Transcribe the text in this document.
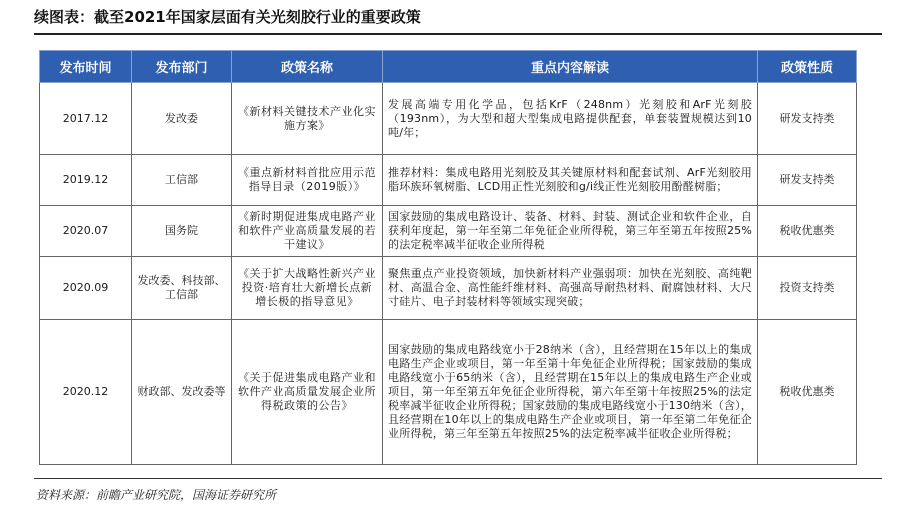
续图表：截至2021年国家层面有关光刻胶行业的重要政策
发布时间	发布部门	政策名称	重点内容解读	政策性质
2017.12	发改委	《新材料关键技术产业化实施方案》	发展高端专用化学品，包括KrF（248nm）光刻胶和ArF光刻胶（193nm），为大型和超大型集成电路提供配套，单套装置规模达到10吨/年；	研发支持类
2019.12	工信部	《重点新材料首批应用示范指导目录（2019版）》	推荐材料：集成电路用光刻胶及其关键原材料和配套试剂、ArF光刻胶用脂环族环氧树脂、LCD用正性光刻胶和g/i线正性光刻胶用酚醛树脂；	研发支持类
2020.07	国务院	《新时期促进集成电路产业和软件产业高质量发展的若干建议》	国家鼓励的集成电路设计、装备、材料、封装、测试企业和软件企业，自获利年度起，第一年至第二年免征企业所得税，第三年至第五年按照25%的法定税率减半征收企业所得税	税收优惠类
2020.09	发改委、科技部、工信部	《关于扩大战略性新兴产业投资·培育壮大新增长点新增长极的指导意见》	聚焦重点产业投资领域，加快新材料产业强弱项：加快在光刻胶、高纯靶材、高温合金、高性能纤维材料、高强高导耐热材料、耐腐蚀材料、大尺寸硅片、电子封装材料等领域实现突破；	投资支持类
2020.12	财政部、发改委等	《关于促进集成电路产业和软件产业高质量发展企业所得税政策的公告》	国家鼓励的集成电路线宽小于28纳米（含），且经营期在15年以上的集成电路生产企业或项目，第一年至第十年免征企业所得税；国家鼓励的集成电路线宽小于65纳米（含），且经营期在15年以上的集成电路生产企业或项目，第一年至第五年免征企业所得税，第六年至第十年按照25%的法定税率减半征收企业所得税；国家鼓励的集成电路线宽小于130纳米（含），且经营期在10年以上的集成电路生产企业或项目，第一年至第二年免征企业所得税，第三年至第五年按照25%的法定税率减半征收企业所得税；	税收优惠类
资料来源：前瞻产业研究院，国海证券研究所
